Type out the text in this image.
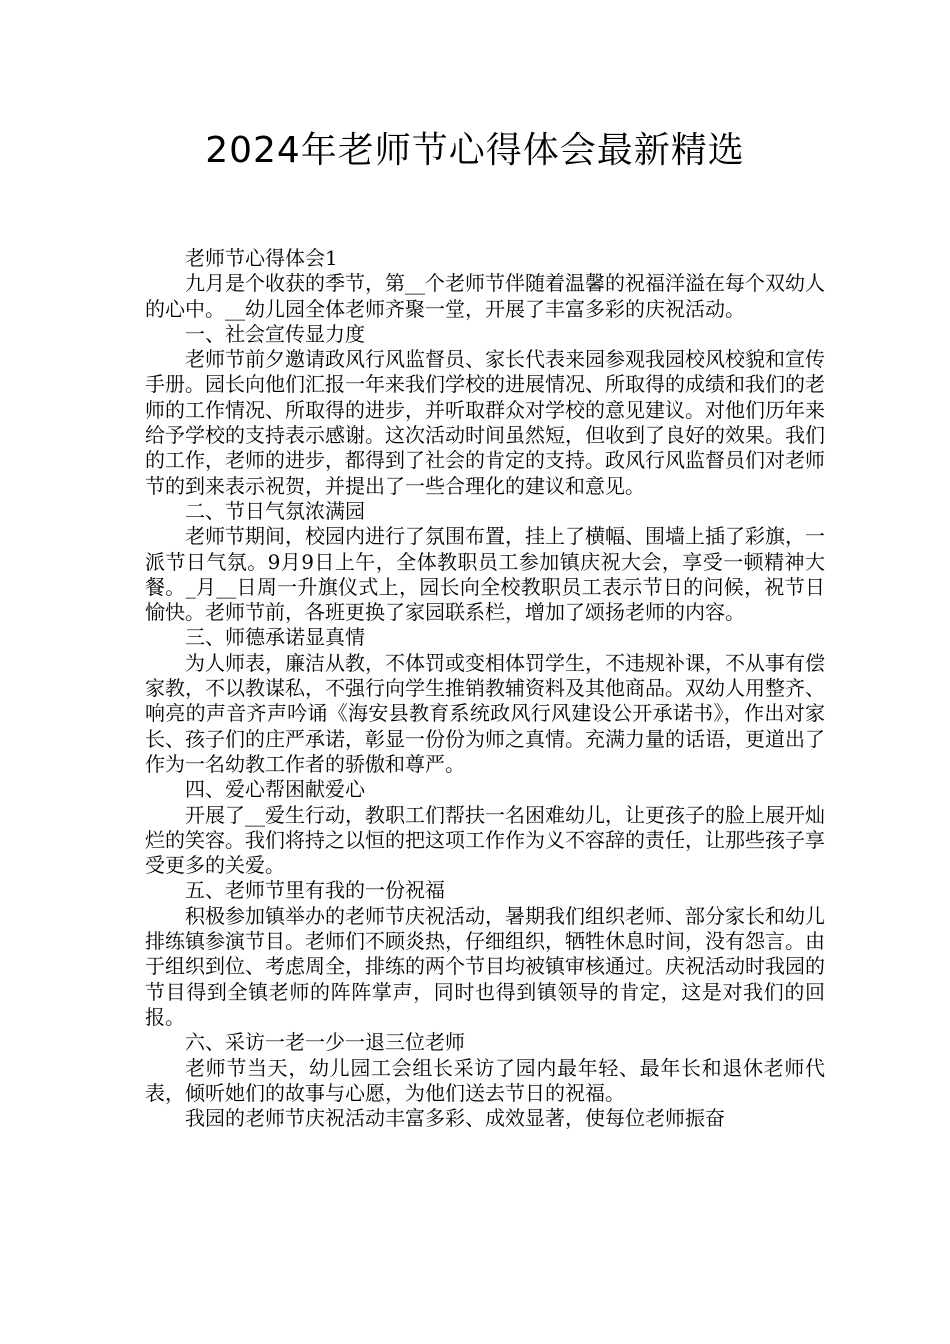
2024年老师节心得体会最新精选

老师节心得体会1

九月是个收获的季节，第__个老师节伴随着温馨的祝福洋溢在每个双幼人的心中。__幼儿园全体老师齐聚一堂，开展了丰富多彩的庆祝活动。

一、社会宣传显力度

老师节前夕邀请政风行风监督员、家长代表来园参观我园校风校貌和宣传手册。园长向他们汇报一年来我们学校的进展情况、所取得的成绩和我们的老师的工作情况、所取得的进步，并听取群众对学校的意见建议。对他们历年来给予学校的支持表示感谢。这次活动时间虽然短，但收到了良好的效果。我们的工作，老师的进步，都得到了社会的肯定的支持。政风行风监督员们对老师节的到来表示祝贺，并提出了一些合理化的建议和意见。

二、节日气氛浓满园

老师节期间，校园内进行了氛围布置，挂上了横幅、围墙上插了彩旗，一派节日气氛。9月9日上午，全体教职员工参加镇庆祝大会，享受一顿精神大餐。_月__日周一升旗仪式上，园长向全校教职员工表示节日的问候，祝节日愉快。老师节前，各班更换了家园联系栏，增加了颂扬老师的内容。

三、师德承诺显真情

为人师表，廉洁从教，不体罚或变相体罚学生，不违规补课，不从事有偿家教，不以教谋私，不强行向学生推销教辅资料及其他商品。双幼人用整齐、响亮的声音齐声吟诵《海安县教育系统政风行风建设公开承诺书》，作出对家长、孩子们的庄严承诺，彰显一份份为师之真情。充满力量的话语，更道出了作为一名幼教工作者的骄傲和尊严。

四、爱心帮困献爱心

开展了__爱生行动，教职工们帮扶一名困难幼儿，让更孩子的脸上展开灿烂的笑容。我们将持之以恒的把这项工作作为义不容辞的责任，让那些孩子享受更多的关爱。

五、老师节里有我的一份祝福

积极参加镇举办的老师节庆祝活动，暑期我们组织老师、部分家长和幼儿排练镇参演节目。老师们不顾炎热，仔细组织，牺牲休息时间，没有怨言。由于组织到位、考虑周全，排练的两个节目均被镇审核通过。庆祝活动时我园的节目得到全镇老师的阵阵掌声，同时也得到镇领导的肯定，这是对我们的回报。

六、采访一老一少一退三位老师

老师节当天，幼儿园工会组长采访了园内最年轻、最年长和退休老师代表，倾听她们的故事与心愿，为他们送去节日的祝福。

我园的老师节庆祝活动丰富多彩、成效显著，使每位老师振奋
